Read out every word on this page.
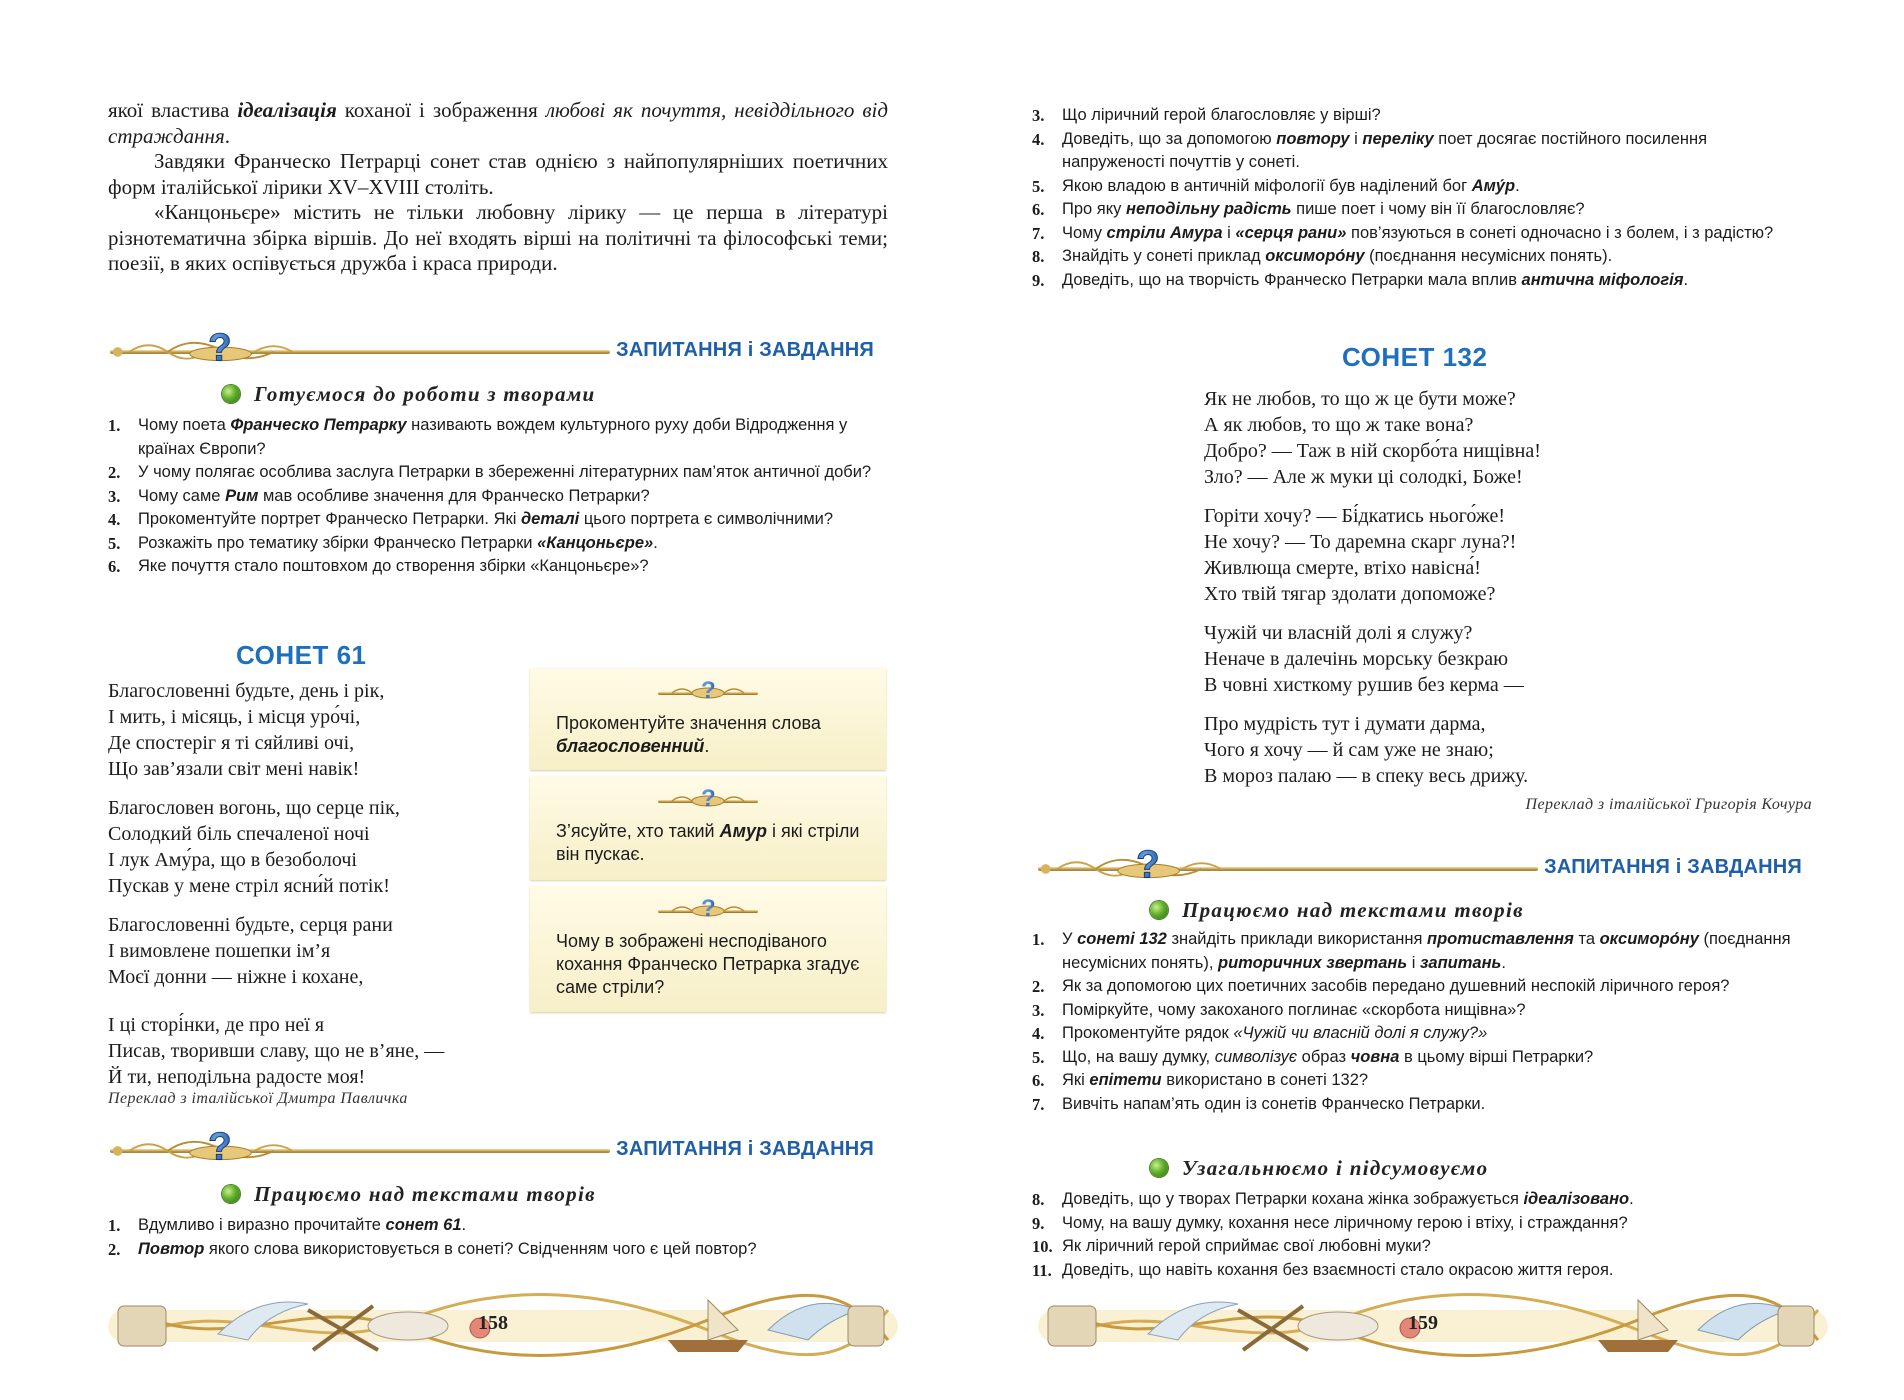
якої властива ідеалізація коханої і зображення любові як почуття, невіддільного від страждання.

Завдяки Франческо Петрарці сонет став однією з найпопулярніших поетичних форм італійської лірики XV–XVIII століть.

«Канцоньєре» містить не тільки любовну лірику — це перша в літературі різнотематична збірка віршів. До неї входять вірші на політичні та філософські теми; поезії, в яких оспівується дружба і краса природи.

ЗАПИТАННЯ і ЗАВДАННЯ
Готуємося до роботи з творами
1. Чому поета Франческо Петрарку називають вождем культурного руху доби Відродження у країнах Європи?
2. У чому полягає особлива заслуга Петрарки в збереженні літературних пам’яток античної доби?
3. Чому саме Рим мав особливе значення для Франческо Петрарки?
4. Прокоментуйте портрет Франческо Петрарки. Які деталі цього портрета є символічними?
5. Розкажіть про тематику збірки Франческо Петрарки «Канцоньєре».
6. Яке почуття стало поштовхом до створення збірки «Канцоньєре»?
СОНЕТ 61
Благословенні будьте, день і рік,
І мить, і місяць, і місця уро́чі,
Де спостеріг я ті сяйливі очі,
Що зав’язали світ мені навік!
Благословен вогонь, що серце пік,
Солодкий біль спечаленої ночі
І лук Аму́ра, що в безоболочі
Пускав у мене стріл ясни́й потік!
Благословенні будьте, серця рани
І вимовлене пошепки ім’я
Моєї донни — ніжне і кохане,
І ці сторі́нки, де про неї я
Писав, творивши славу, що не в’яне, —
Й ти, неподільна радосте моя!
Переклад з італійської Дмитра Павличка
Прокоментуйте значення слова благословенний.
З’ясуйте, хто такий Амур і які стріли він пускає.
Чому в зображені несподіваного кохання Франческо Петрарка згадує саме стріли?
ЗАПИТАННЯ і ЗАВДАННЯ
Працюємо над текстами творів
1. Вдумливо і виразно прочитайте сонет 61.
2. Повтор якого слова використовується в сонеті? Свідченням чого є цей повтор?
158
3. Що ліричний герой благословляє у вірші?
4. Доведіть, що за допомогою повтору і переліку поет досягає постійного посилення напруженості почуттів у сонеті.
5. Якою владою в античній міфології був наділений бог Аму́р.
6. Про яку неподільну радість пише поет і чому він її благословляє?
7. Чому стріли Амура і «серця рани» пов’язуються в сонеті одночасно і з болем, і з радістю?
8. Знайдіть у сонеті приклад оксиморо́ну (поєднання несумісних понять).
9. Доведіть, що на творчість Франческо Петрарки мала вплив антична міфологія.
СОНЕТ 132
Як не любов, то що ж це бути може?
А як любов, то що ж таке вона?
Добро? — Таж в ній скорбо́та нищівна!
Зло? — Але ж муки ці солодкі, Боже!
Горіти хочу? — Бі́дкатись нього́же!
Не хочу? — То даремна скарг луна?!
Живлюща смерте, втіхо навісна́!
Хто твій тягар здолати допоможе?
Чужій чи власній долі я служу?
Неначе в далечінь морську безкраю
В човні хисткому рушив без керма —
Про мудрість тут і думати дарма,
Чого я хочу — й сам уже не знаю;
В мороз палаю — в спеку весь дрижу.
Переклад з італійської Григорія Кочура
ЗАПИТАННЯ і ЗАВДАННЯ
Працюємо над текстами творів
1. У сонеті 132 знайдіть приклади використання протиставлення та оксиморо́ну (поєднання несумісних понять), риторичних звертань і запитань.
2. Як за допомогою цих поетичних засобів передано душевний неспокій ліричного героя?
3. Поміркуйте, чому закоханого поглинає «скорбота нищівна»?
4. Прокоментуйте рядок «Чужій чи власній долі я служу?»
5. Що, на вашу думку, символізує образ човна в цьому вірші Петрарки?
6. Які епітети використано в сонеті 132?
7. Вивчіть напам’ять один із сонетів Франческо Петрарки.
Узагальнюємо і підсумовуємо
8. Доведіть, що у творах Петрарки кохана жінка зображується ідеалізовано.
9. Чому, на вашу думку, кохання несе ліричному герою і втіху, і страждання?
10. Як ліричний герой сприймає свої любовні муки?
11. Доведіть, що навіть кохання без взаємності стало окрасою життя героя.
159
